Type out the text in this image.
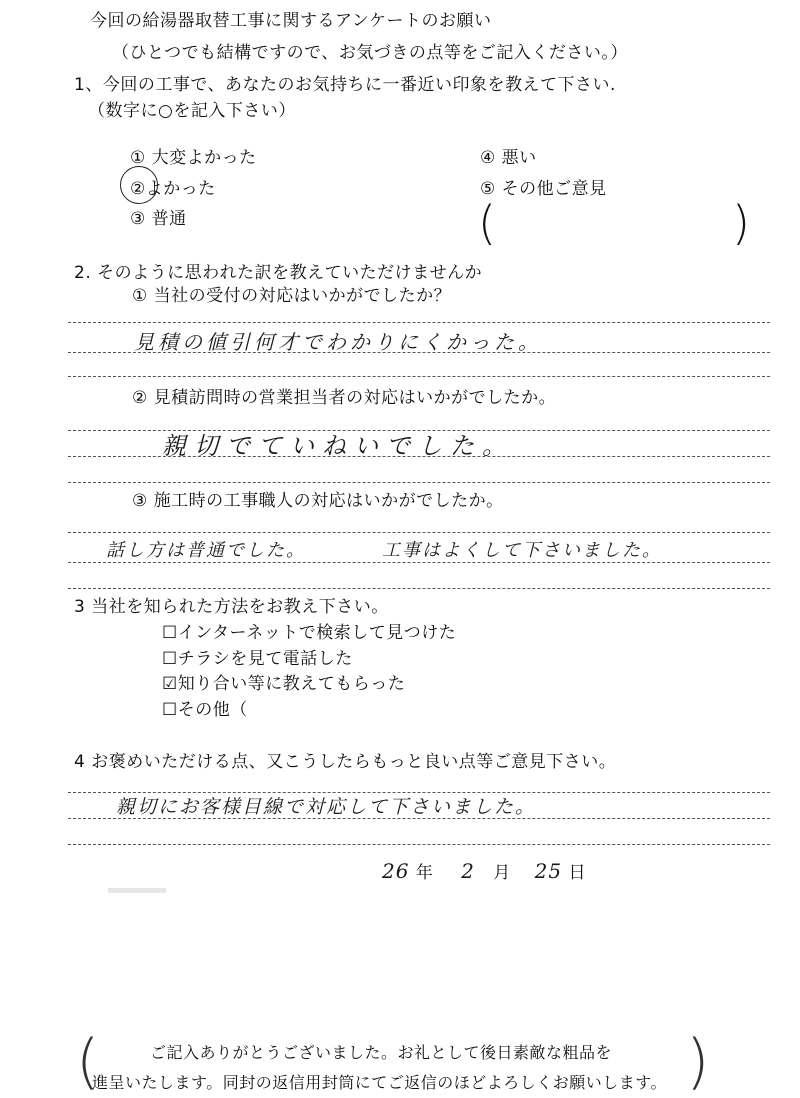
今回の給湯器取替工事に関するアンケートのお願い
（ひとつでも結構ですので、お気づきの点等をご記入ください。）
1、今回の工事で、あなたのお気持ちに一番近い印象を教えて下さい.
（数字に○を記入下さい）
① 大変よかった
②よかった
③ 普通
④ 悪い
⑤ その他ご意見
(	)
2. そのように思われた訳を教えていただけませんか
① 当社の受付の対応はいかがでしたか？
見積の値引何才でわかりにくかった。
② 見積訪問時の営業担当者の対応はいかがでしたか。
親切でていねいでした。
③ 施工時の工事職人の対応はいかがでしたか。
話し方は普通でした。	工事はよくして下さいました。
3 当社を知られた方法をお教え下さい。
☐インターネットで検索して見つけた
☐チラシを見て電話した
☑知り合い等に教えてもらった
☐その他（
4 お褒めいただける点、又こうしたらもっと良い点等ご意見下さい。
親切にお客様目線で対応して下さいました。
26 年 2 月 25 日
(	)
ご記入ありがとうございました。お礼として後日素敵な粗品を
進呈いたします。同封の返信用封筒にてご返信のほどよろしくお願いします。
